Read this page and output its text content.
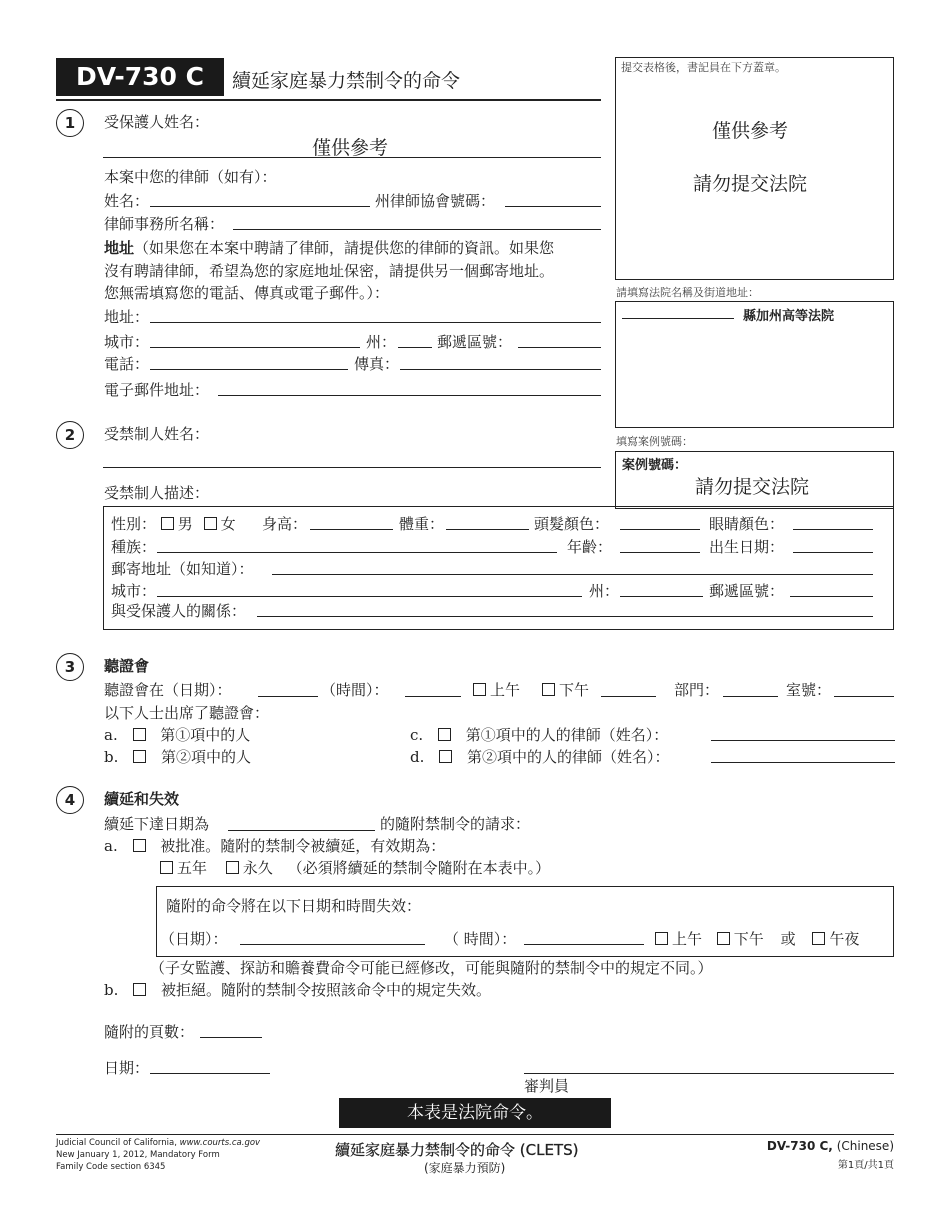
DV-730 C	續延家庭暴力禁制令的命令
提交表格後，書記員在下方蓋章。
僅供參考
請勿提交法院
請填寫法院名稱及街道地址：
縣加州高等法院
填寫案例號碼：
案例號碼：
請勿提交法院
1	受保護人姓名：
僅供參考
本案中您的律師（如有）：
姓名：	州律師協會號碼：
律師事務所名稱：
地址（如果您在本案中聘請了律師，請提供您的律師的資訊。如果您
沒有聘請律師，希望為您的家庭地址保密，請提供另一個郵寄地址。
您無需填寫您的電話、傳真或電子郵件。）：
地址：
城市：	州：	郵遞區號：
電話：	傳真：
電子郵件地址：
2	受禁制人姓名：
受禁制人描述：
性別： 男 女 身高：	體重：	頭髮顏色：	眼睛顏色：
種族：	年齡：	出生日期：
郵寄地址（如知道）：
城市：	州：	郵遞區號：
與受保護人的關係：
3	聽證會
聽證會在（日期）：	（時間）：	上午	下午	部門：	室號：
以下人士出席了聽證會：
a.	第①項中的人
b.	第②項中的人
c.	第①項中的人的律師（姓名）：
d.	第②項中的人的律師（姓名）：
4	續延和失效
續延下達日期為	的隨附禁制令的請求：
a.	被批准。隨附的禁制令被續延，有效期為：
五年 永久 （必須將續延的禁制令隨附在本表中。）
隨附的命令將在以下日期和時間失效：
（日期）：	（ 時間）：	上午 下午 或 午夜
（子女監護、探訪和贍養費命令可能已經修改，可能與隨附的禁制令中的規定不同。）
b.	被拒絕。隨附的禁制令按照該命令中的規定失效。
隨附的頁數：
日期：
審判員
本表是法院命令。
Judicial Council of California, www.courts.ca.gov
New January 1, 2012, Mandatory Form
Family Code section 6345
續延家庭暴力禁制令的命令 (CLETS)
(家庭暴力預防)
DV-730 C, (Chinese)
第1頁/共1頁
